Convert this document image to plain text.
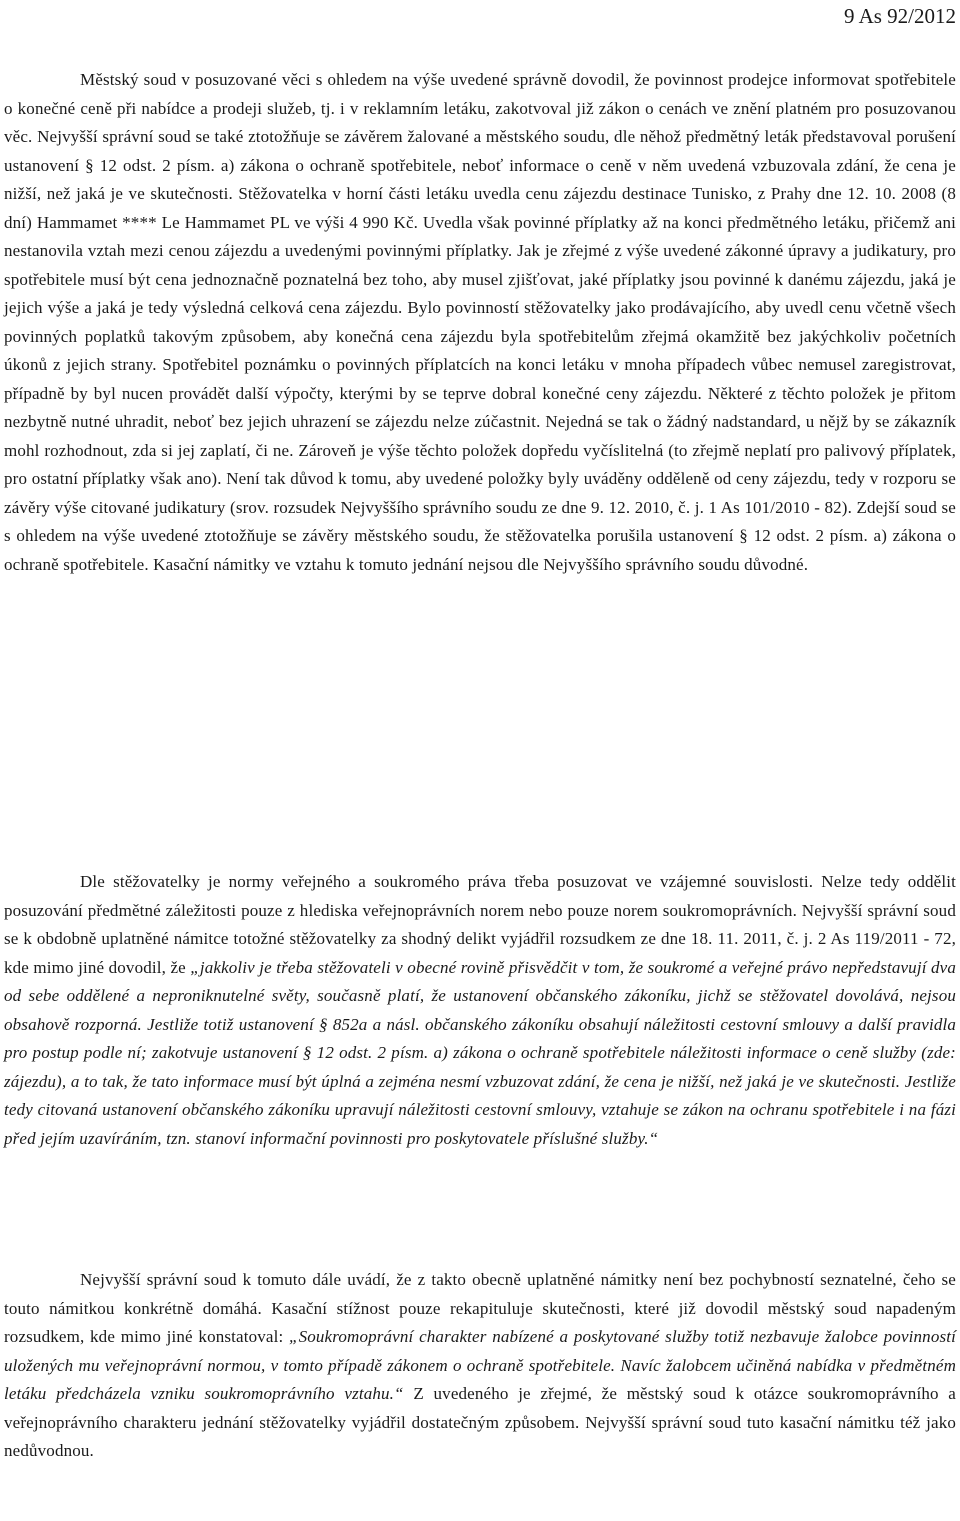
9 As 92/2012

Městský soud v posuzované věci s ohledem na výše uvedené správně dovodil, že povinnost prodejce informovat spotřebitele o konečné ceně při nabídce a prodeji služeb, tj. i v reklamním letáku, zakotvoval již zákon o cenách ve znění platném pro posuzovanou věc. Nejvyšší správní soud se také ztotožňuje se závěrem žalované a městského soudu, dle něhož předmětný leták představoval porušení ustanovení § 12 odst. 2 písm. a) zákona o ochraně spotřebitele, neboť informace o ceně v něm uvedená vzbuzovala zdání, že cena je nižší, než jaká je ve skutečnosti. Stěžovatelka v horní části letáku uvedla cenu zájezdu destinace Tunisko, z Prahy dne 12. 10. 2008 (8 dní) Hammamet **** Le Hammamet PL ve výši 4 990 Kč. Uvedla však povinné příplatky až na konci předmětného letáku, přičemž ani nestanovila vztah mezi cenou zájezdu a uvedenými povinnými příplatky. Jak je zřejmé z výše uvedené zákonné úpravy a judikatury, pro spotřebitele musí být cena jednoznačně poznatelná bez toho, aby musel zjišťovat, jaké příplatky jsou povinné k danému zájezdu, jaká je jejich výše a jaká je tedy výsledná celková cena zájezdu. Bylo povinností stěžovatelky jako prodávajícího, aby uvedl cenu včetně všech povinných poplatků takovým způsobem, aby konečná cena zájezdu byla spotřebitelům zřejmá okamžitě bez jakýchkoliv početních úkonů z jejich strany. Spotřebitel poznámku o povinných příplatcích na konci letáku v mnoha případech vůbec nemusel zaregistrovat, případně by byl nucen provádět další výpočty, kterými by se teprve dobral konečné ceny zájezdu. Některé z těchto položek je přitom nezbytně nutné uhradit, neboť bez jejich uhrazení se zájezdu nelze zúčastnit. Nejedná se tak o žádný nadstandard, u nějž by se zákazník mohl rozhodnout, zda si jej zaplatí, či ne. Zároveň je výše těchto položek dopředu vyčíslitelná (to zřejmě neplatí pro palivový příplatek, pro ostatní příplatky však ano). Není tak důvod k tomu, aby uvedené položky byly uváděny odděleně od ceny zájezdu, tedy v rozporu se závěry výše citované judikatury (srov. rozsudek Nejvyššího správního soudu ze dne 9. 12. 2010, č. j. 1 As 101/2010 - 82). Zdejší soud se s ohledem na výše uvedené ztotožňuje se závěry městského soudu, že stěžovatelka porušila ustanovení § 12 odst. 2 písm. a) zákona o ochraně spotřebitele. Kasační námitky ve vztahu k tomuto jednání nejsou dle Nejvyššího správního soudu důvodné.

Dle stěžovatelky je normy veřejného a soukromého práva třeba posuzovat ve vzájemné souvislosti. Nelze tedy oddělit posuzování předmětné záležitosti pouze z hlediska veřejnoprávních norem nebo pouze norem soukromoprávních. Nejvyšší správní soud se k obdobně uplatněné námitce totožné stěžovatelky za shodný delikt vyjádřil rozsudkem ze dne 18. 11. 2011, č. j. 2 As 119/2011 - 72, kde mimo jiné dovodil, že „jakkoliv je třeba stěžovateli v obecné rovině přisvědčit v tom, že soukromé a veřejné právo nepředstavují dva od sebe oddělené a neproniknutelné světy, současně platí, že ustanovení občanského zákoníku, jichž se stěžovatel dovolává, nejsou obsahově rozporná. Jestliže totiž ustanovení § 852a a násl. občanského zákoníku obsahují náležitosti cestovní smlouvy a další pravidla pro postup podle ní; zakotvuje ustanovení § 12 odst. 2 písm. a) zákona o ochraně spotřebitele náležitosti informace o ceně služby (zde: zájezdu), a to tak, že tato informace musí být úplná a zejména nesmí vzbuzovat zdání, že cena je nižší, než jaká je ve skutečnosti. Jestliže tedy citovaná ustanovení občanského zákoníku upravují náležitosti cestovní smlouvy, vztahuje se zákon na ochranu spotřebitele i na fázi před jejím uzavíráním, tzn. stanoví informační povinnosti pro poskytovatele příslušné služby.“

Nejvyšší správní soud k tomuto dále uvádí, že z takto obecně uplatněné námitky není bez pochybností seznatelné, čeho se touto námitkou konkrétně domáhá. Kasační stížnost pouze rekapituluje skutečnosti, které již dovodil městský soud napadeným rozsudkem, kde mimo jiné konstatoval: „Soukromoprávní charakter nabízené a poskytované služby totiž nezbavuje žalobce povinností uložených mu veřejnoprávní normou, v tomto případě zákonem o ochraně spotřebitele. Navíc žalobcem učiněná nabídka v předmětném letáku předcházela vzniku soukromoprávního vztahu.“ Z uvedeného je zřejmé, že městský soud k otázce soukromoprávního a veřejnoprávního charakteru jednání stěžovatelky vyjádřil dostatečným způsobem. Nejvyšší správní soud tuto kasační námitku též jako nedůvodnou.
